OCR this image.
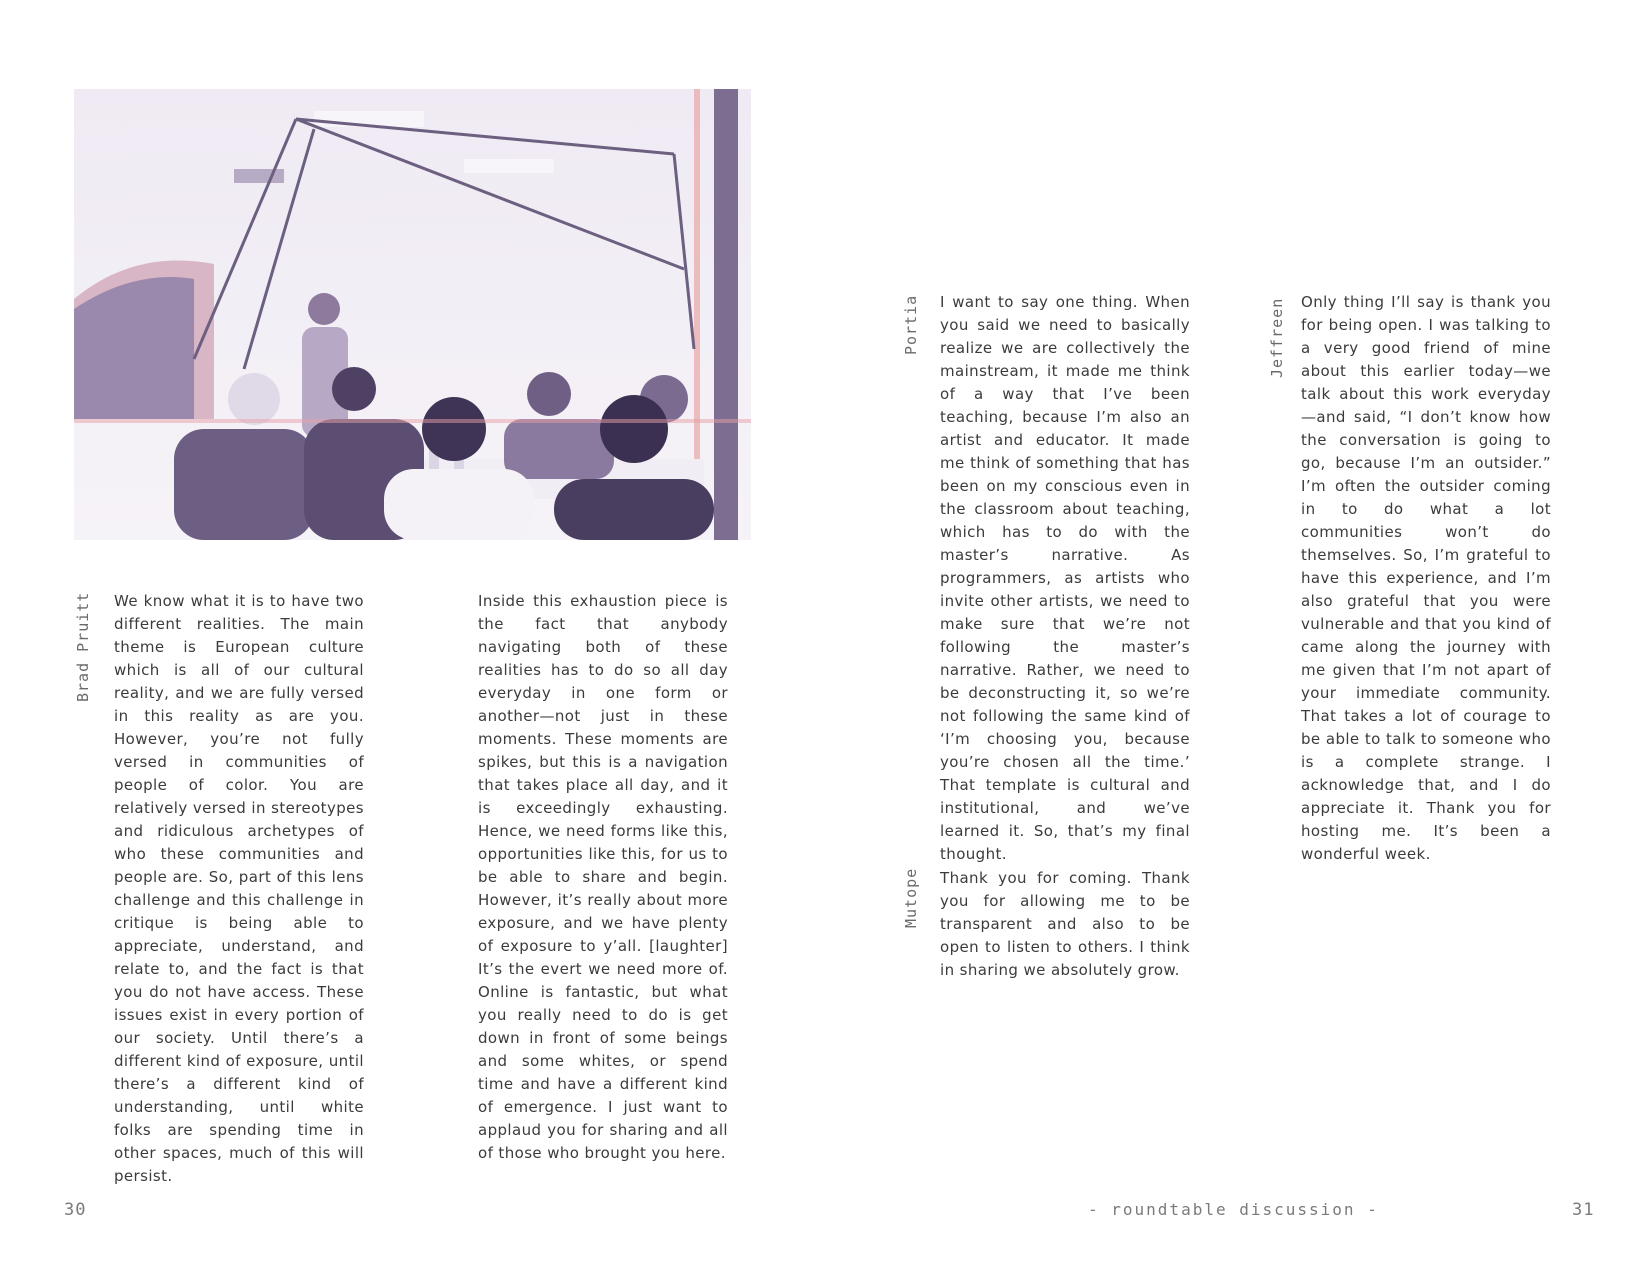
Brad Pruitt We know what it is to have two different realities. The main theme is European culture which is all of our cultural reality, and we are fully versed in this reality as are you. However, you’re not fully versed in communities of people of color. You are relatively versed in stereotypes and ridiculous archetypes of who these communities and people are. So, part of this lens challenge and this challenge in critique is being able to appreciate, understand, and relate to, and the fact is that you do not have access. These issues exist in every portion of our society. Until there’s a different kind of exposure, until there’s a different kind of understanding, until white folks are spending time in other spaces, much of this will persist.

Inside this exhaustion piece is the fact that anybody navigating both of these realities has to do so all day everyday in one form or another—not just in these moments. These moments are spikes, but this is a navigation that takes place all day, and it is exceedingly exhausting. Hence, we need forms like this, opportunities like this, for us to be able to share and begin. However, it’s really about more exposure, and we have plenty of exposure to y’all. [laughter] It’s the evert we need more of. Online is fantastic, but what you really need to do is get down in front of some beings and some whites, or spend time and have a different kind of emergence. I just want to applaud you for sharing and all of those who brought you here.

30
Portia I want to say one thing. When you said we need to basically realize we are collectively the mainstream, it made me think of a way that I’ve been teaching, because I’m also an artist and educator. It made me think of something that has been on my conscious even in the classroom about teaching, which has to do with the master’s narrative. As programmers, as artists who invite other artists, we need to make sure that we’re not following the master’s narrative. Rather, we need to be deconstructing it, so we’re not following the same kind of ‘I’m choosing you, because you’re chosen all the time.’ That template is cultural and institutional, and we’ve learned it. So, that’s my final thought.

Mutope Thank you for coming. Thank you for allowing me to be transparent and also to be open to listen to others. I think in sharing we absolutely grow.

Jeffreen Only thing I’ll say is thank you for being open. I was talking to a very good friend of mine about this earlier today—we talk about this work everyday—and said, “I don’t know how the conversation is going to go, because I’m an outsider.” I’m often the outsider coming in to do what a lot communities won’t do themselves. So, I’m grateful to have this experience, and I’m also grateful that you were vulnerable and that you kind of came along the journey with me given that I’m not apart of your immediate community. That takes a lot of courage to be able to talk to someone who is a complete strange. I acknowledge that, and I do appreciate it. Thank you for hosting me. It’s been a wonderful week.

- roundtable discussion -	31
